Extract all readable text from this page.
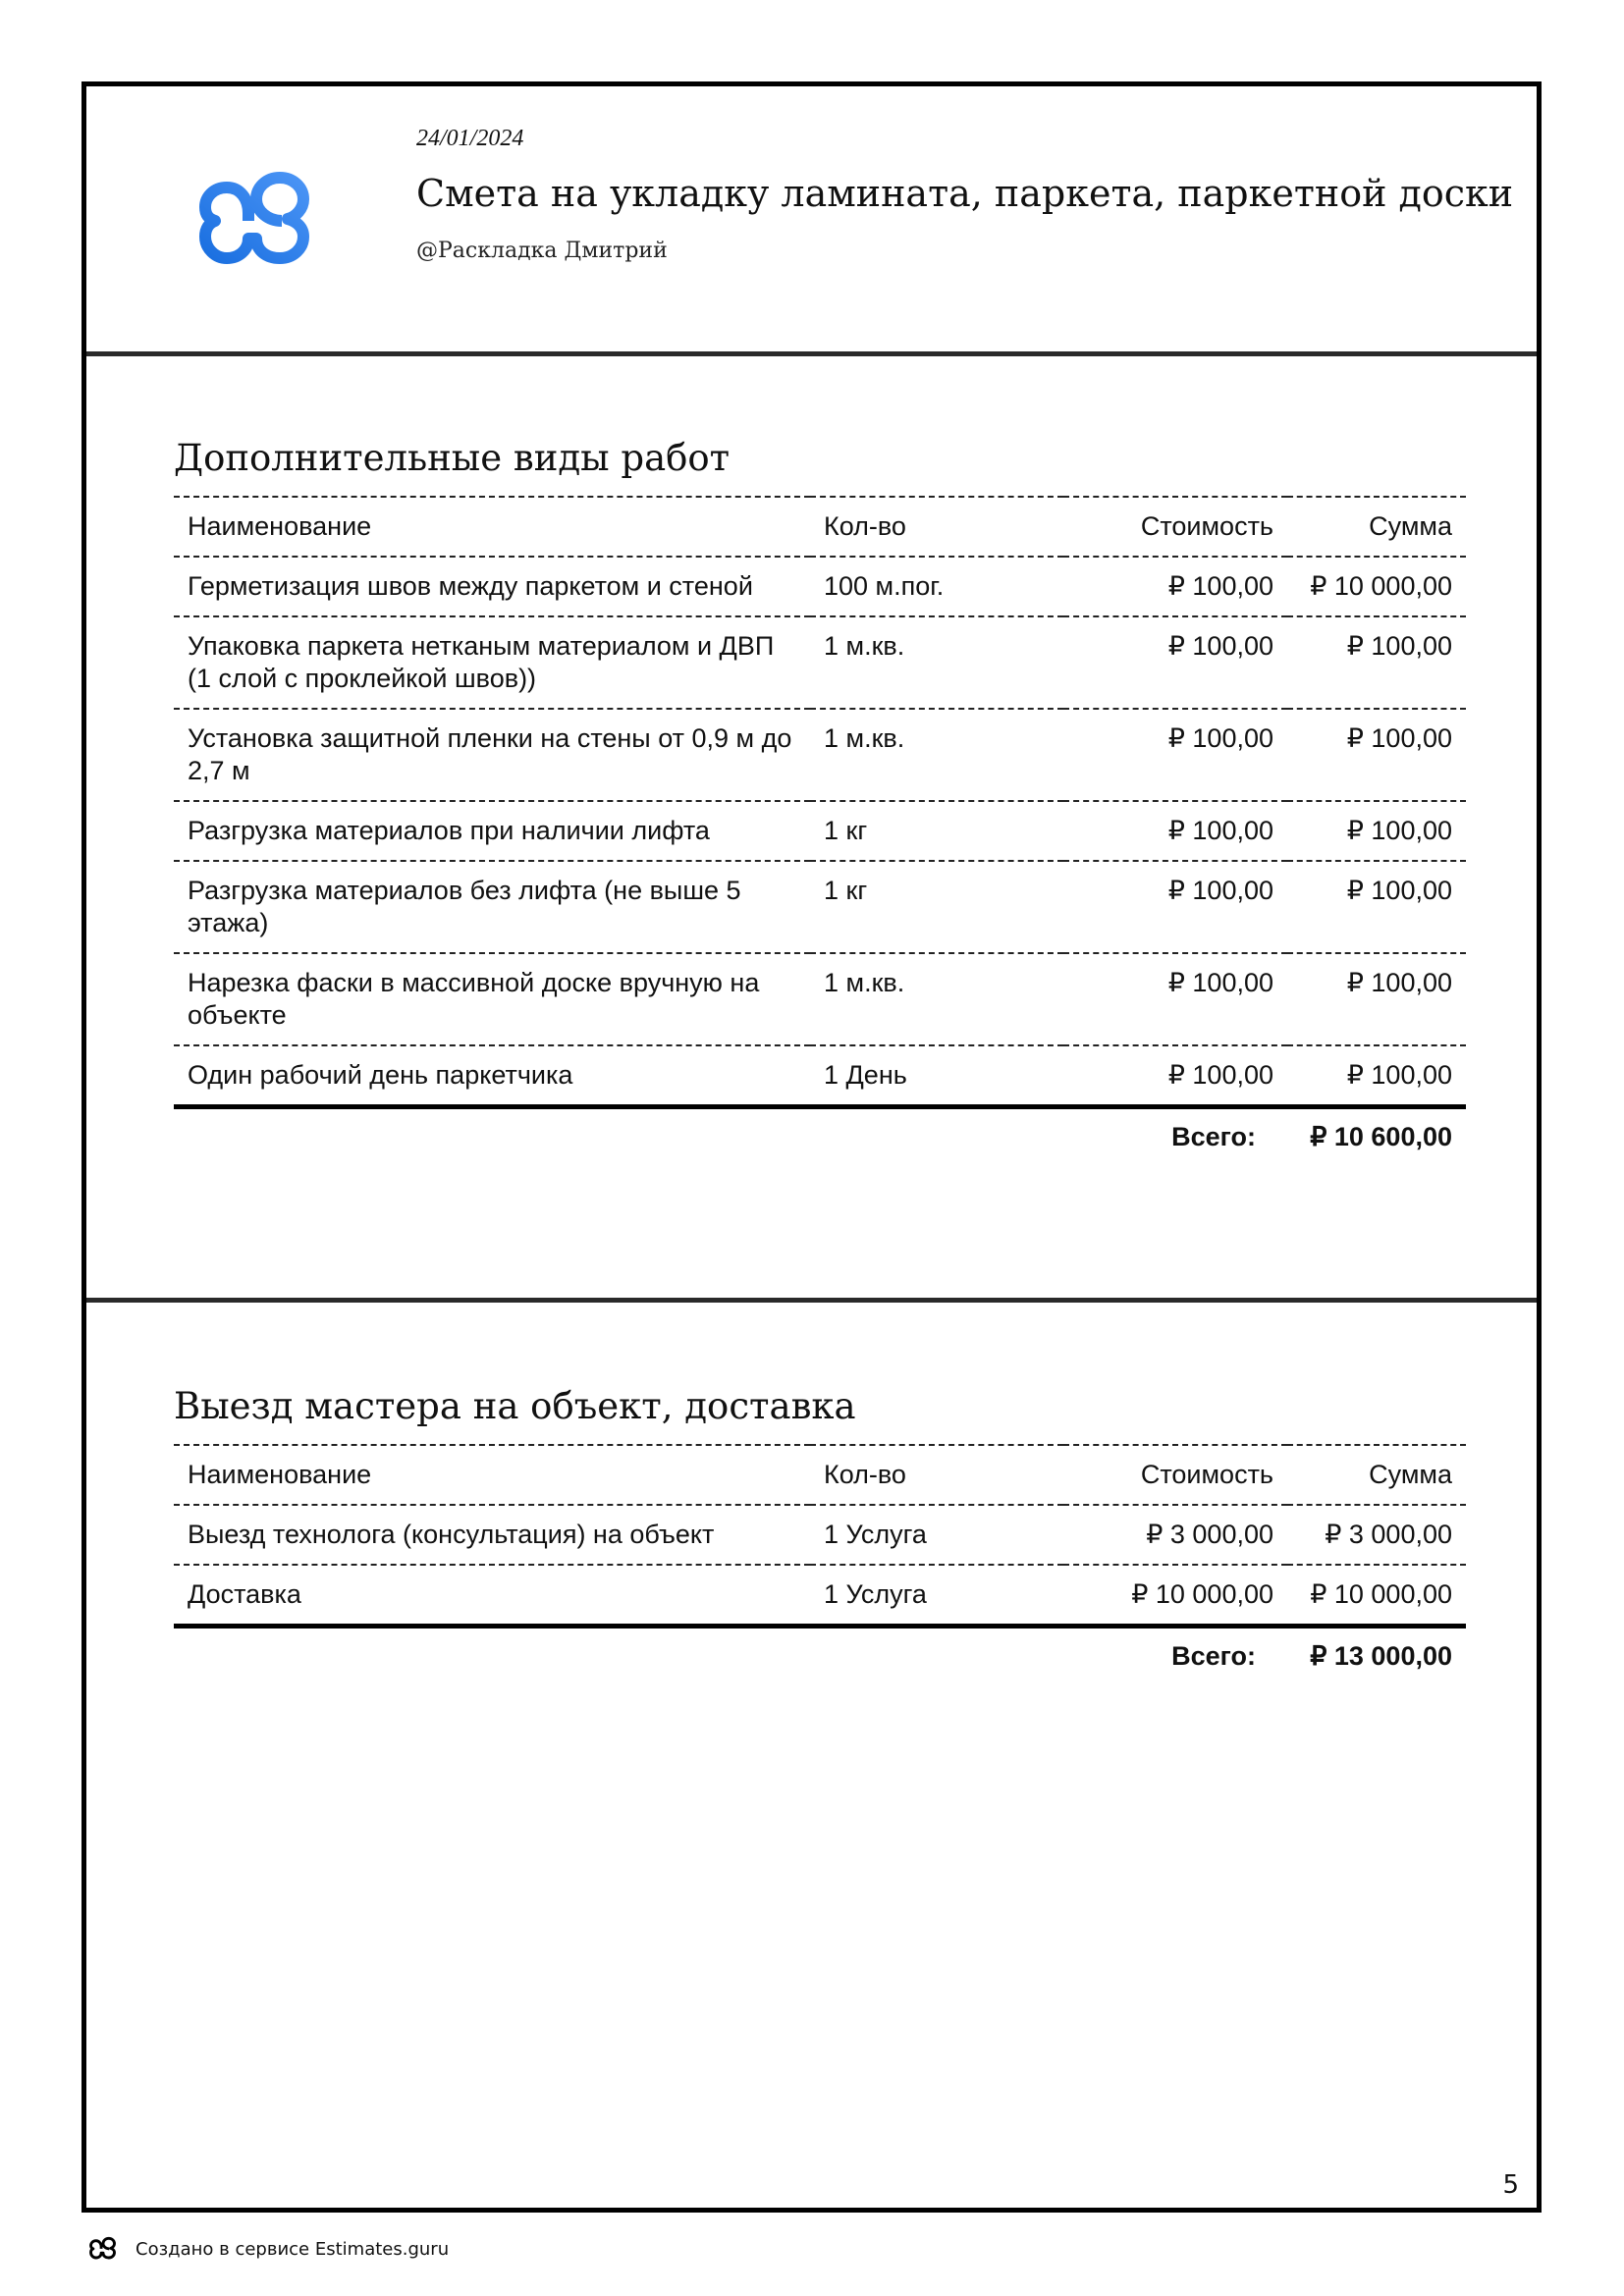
24/01/2024
Смета на укладку ламината, паркета, паркетной доски
@Раскладка Дмитрий
Дополнительные виды работ
Наименование	Кол-во	Стоимость	Сумма
Герметизация швов между паркетом и стеной	100 м.пог.	₽ 100,00	₽ 10 000,00
Упаковка паркета нетканым материалом и ДВП (1 слой с проклейкой швов))	1 м.кв.	₽ 100,00	₽ 100,00
Установка защитной пленки на стены от 0,9 м до 2,7 м	1 м.кв.	₽ 100,00	₽ 100,00
Разгрузка материалов при наличии лифта	1 кг	₽ 100,00	₽ 100,00
Разгрузка материалов без лифта (не выше 5 этажа)	1 кг	₽ 100,00	₽ 100,00
Нарезка фаски в массивной доске вручную на объекте	1 м.кв.	₽ 100,00	₽ 100,00
Один рабочий день паркетчика	1 День	₽ 100,00	₽ 100,00
Всего:	₽ 10 600,00
Выезд мастера на объект, доставка
Наименование	Кол-во	Стоимость	Сумма
Выезд технолога (консультация) на объект	1 Услуга	₽ 3 000,00	₽ 3 000,00
Доставка	1 Услуга	₽ 10 000,00	₽ 10 000,00
Всего:	₽ 13 000,00
5
Создано в сервисе Estimates.guru
